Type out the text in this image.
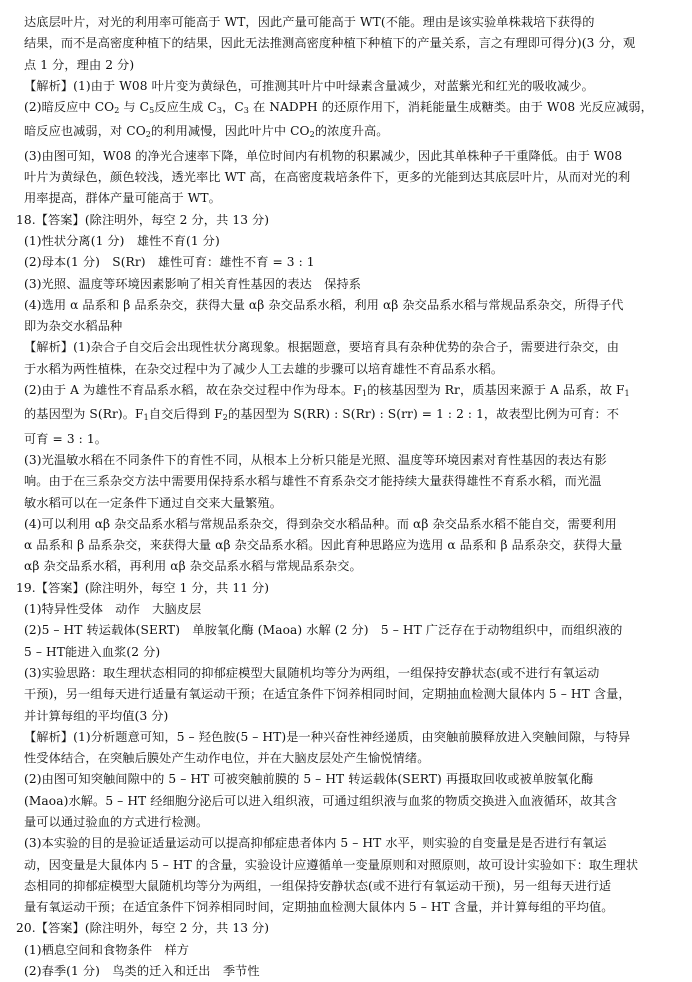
达底层叶片，对光的利用率可能高于 WT，因此产量可能高于 WT(不能。理由是该实验单株栽培下获得的

结果，而不是高密度种植下的结果，因此无法推测高密度种植下种植下的产量关系，言之有理即可得分)(3 分，观

点 1 分，理由 2 分)

【解析】(1)由于 W08 叶片变为黄绿色，可推测其叶片中叶绿素含量减少，对蓝紫光和红光的吸收减少。

(2)暗反应中 $CO_2$ 与 $C_5$反应生成 $C_3$，$C_3$ 在 NADPH 的还原作用下，消耗能量生成糖类。由于 W08 光反应减弱，

暗反应也减弱，对 $CO_2$的利用减慢，因此叶片中 $CO_2$的浓度升高。

(3)由图可知，W08 的净光合速率下降，单位时间内有机物的积累减少，因此其单株种子干重降低。由于 W08

叶片为黄绿色，颜色较浅，透光率比 WT 高，在高密度栽培条件下，更多的光能到达其底层叶片，从而对光的利

用率提高，群体产量可能高于 WT。

18.【答案】(除注明外，每空 2 分，共 13 分)

(1)性状分离(1 分)　雄性不育(1 分)

(2)母本(1 分)　S(Rr)　雄性可育：雄性不育 = 3 : 1

(3)光照、温度等环境因素影响了相关育性基因的表达　保持系

(4)选用 α 品系和 β 品系杂交，获得大量 αβ 杂交品系水稻，利用 αβ 杂交品系水稻与常规品系杂交，所得子代

即为杂交水稻品种

【解析】(1)杂合子自交后会出现性状分离现象。根据题意，要培育具有杂种优势的杂合子，需要进行杂交，由

于水稻为两性植株，在杂交过程中为了减少人工去雄的步骤可以培育雄性不育品系水稻。

(2)由于 A 为雄性不育品系水稻，故在杂交过程中作为母本。$F_1$的核基因型为 Rr，质基因来源于 A 品系，故 $F_1$

的基因型为 S(Rr)。$F_1$自交后得到 $F_2$的基因型为 S(RR) : S(Rr) : S(rr) = 1 : 2 : 1，故表型比例为可育：不

可育 = 3 : 1。

(3)光温敏水稻在不同条件下的育性不同，从根本上分析只能是光照、温度等环境因素对育性基因的表达有影

响。由于在三系杂交方法中需要用保持系水稻与雄性不育系杂交才能持续大量获得雄性不育系水稻，而光温

敏水稻可以在一定条件下通过自交来大量繁殖。

(4)可以利用 αβ 杂交品系水稻与常规品系杂交，得到杂交水稻品种。而 αβ 杂交品系水稻不能自交，需要利用

α 品系和 β 品系杂交，来获得大量 αβ 杂交品系水稻。因此育种思路应为选用 α 品系和 β 品系杂交，获得大量

αβ 杂交品系水稻，再利用 αβ 杂交品系水稻与常规品系杂交。

19.【答案】(除注明外，每空 1 分，共 11 分)

(1)特异性受体　动作　大脑皮层

(2)5 – HT 转运载体(SERT)　单胺氧化酶 (Maoa) 水解 (2 分)　5 – HT 广泛存在于动物组织中，而组织液的

5 – HT能进入血浆(2 分)

(3)实验思路：取生理状态相同的抑郁症模型大鼠随机均等分为两组，一组保持安静状态(或不进行有氧运动

干预)，另一组每天进行适量有氧运动干预；在适宜条件下饲养相同时间，定期抽血检测大鼠体内 5 – HT 含量，

并计算每组的平均值(3 分)

【解析】(1)分析题意可知，5 – 羟色胺(5 – HT)是一种兴奋性神经递质，由突触前膜释放进入突触间隙，与特异

性受体结合，在突触后膜处产生动作电位，并在大脑皮层处产生愉悦情绪。

(2)由图可知突触间隙中的 5 – HT 可被突触前膜的 5 – HT 转运载体(SERT) 再摄取回收或被单胺氧化酶

(Maoa)水解。5 – HT 经细胞分泌后可以进入组织液，可通过组织液与血浆的物质交换进入血液循环，故其含

量可以通过验血的方式进行检测。

(3)本实验的目的是验证适量运动可以提高抑郁症患者体内 5 – HT 水平，则实验的自变量是是否进行有氧运

动，因变量是大鼠体内 5 – HT 的含量，实验设计应遵循单一变量原则和对照原则，故可设计实验如下：取生理状

态相同的抑郁症模型大鼠随机均等分为两组，一组保持安静状态(或不进行有氧运动干预)，另一组每天进行适

量有氧运动干预；在适宜条件下饲养相同时间，定期抽血检测大鼠体内 5 – HT 含量，并计算每组的平均值。

20.【答案】(除注明外，每空 2 分，共 13 分)

(1)栖息空间和食物条件　样方

(2)春季(1 分)　鸟类的迁入和迁出　季节性
